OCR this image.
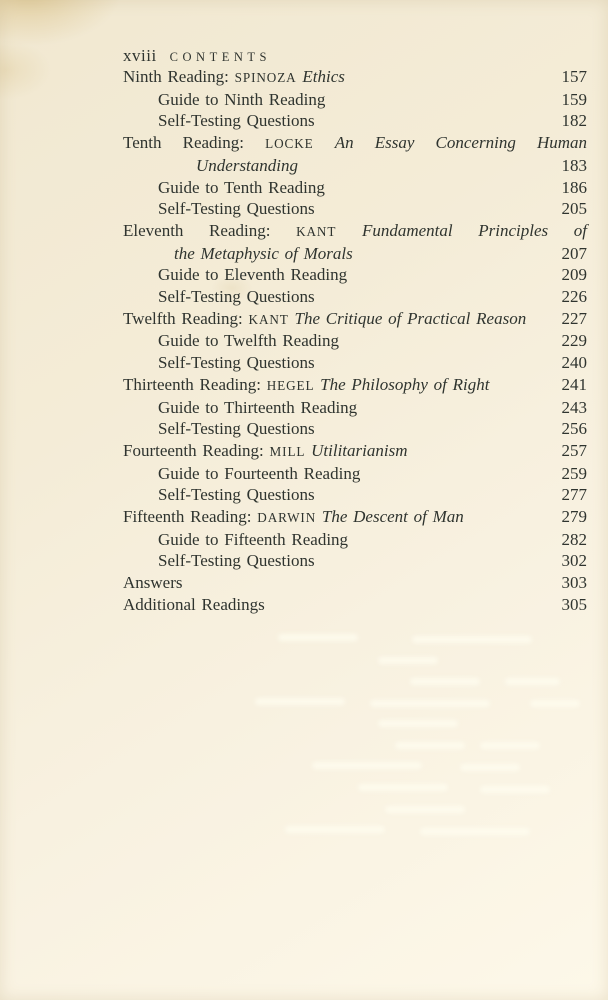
xviii CONTENTS
Ninth Reading: SPINOZA Ethics	157
Guide to Ninth Reading	159
Self-Testing Questions	182
Tenth Reading: LOCKE An Essay Concerning Human
Understanding	183
Guide to Tenth Reading	186
Self-Testing Questions	205
Eleventh Reading: KANT Fundamental Principles of
the Metaphysic of Morals	207
Guide to Eleventh Reading	209
Self-Testing Questions	226
Twelfth Reading: KANT The Critique of Practical Reason 227
Guide to Twelfth Reading	229
Self-Testing Questions	240
Thirteenth Reading: HEGEL The Philosophy of Right	241
Guide to Thirteenth Reading	243
Self-Testing Questions	256
Fourteenth Reading: MILL Utilitarianism	257
Guide to Fourteenth Reading	259
Self-Testing Questions	277
Fifteenth Reading: DARWIN The Descent of Man	279
Guide to Fifteenth Reading	282
Self-Testing Questions	302
Answers	303
Additional Readings	305
